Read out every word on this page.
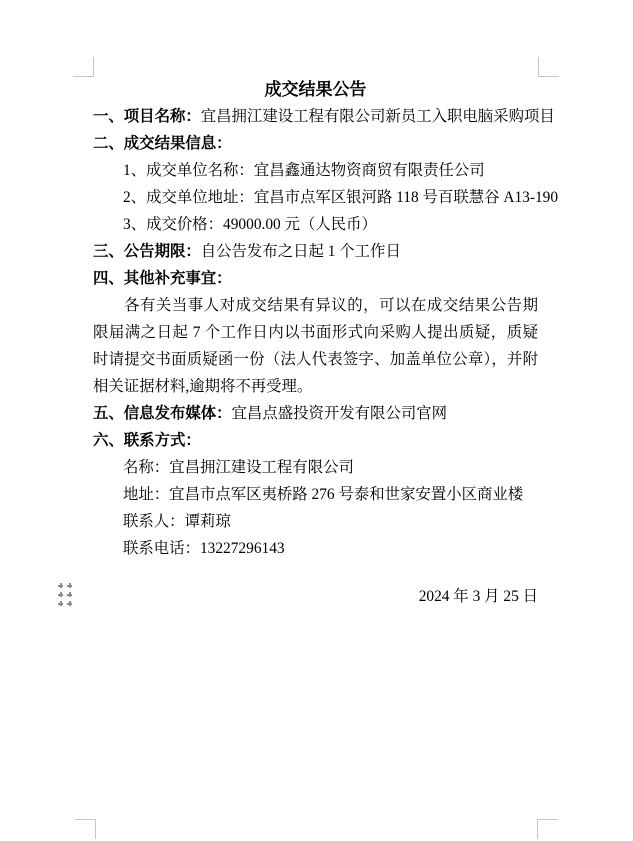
成交结果公告

一、项目名称：宜昌拥江建设工程有限公司新员工入职电脑采购项目

二、成交结果信息：

1、成交单位名称：宜昌鑫通达物资商贸有限责任公司

2、成交单位地址：宜昌市点军区银河路 118 号百联慧谷 A13-190

3、成交价格：49000.00 元（人民币）

三、公告期限：自公告发布之日起 1 个工作日

四、其他补充事宜：

各有关当事人对成交结果有异议的，可以在成交结果公告期限届满之日起 7 个工作日内以书面形式向采购人提出质疑，质疑时请提交书面质疑函一份（法人代表签字、加盖单位公章），并附相关证据材料,逾期将不再受理。

五、信息发布媒体：宜昌点盛投资开发有限公司官网

六、联系方式：

名称：宜昌拥江建设工程有限公司

地址：宜昌市点军区夷桥路 276 号泰和世家安置小区商业楼

联系人：谭莉琼

联系电话：13227296143

2024 年 3 月 25 日
